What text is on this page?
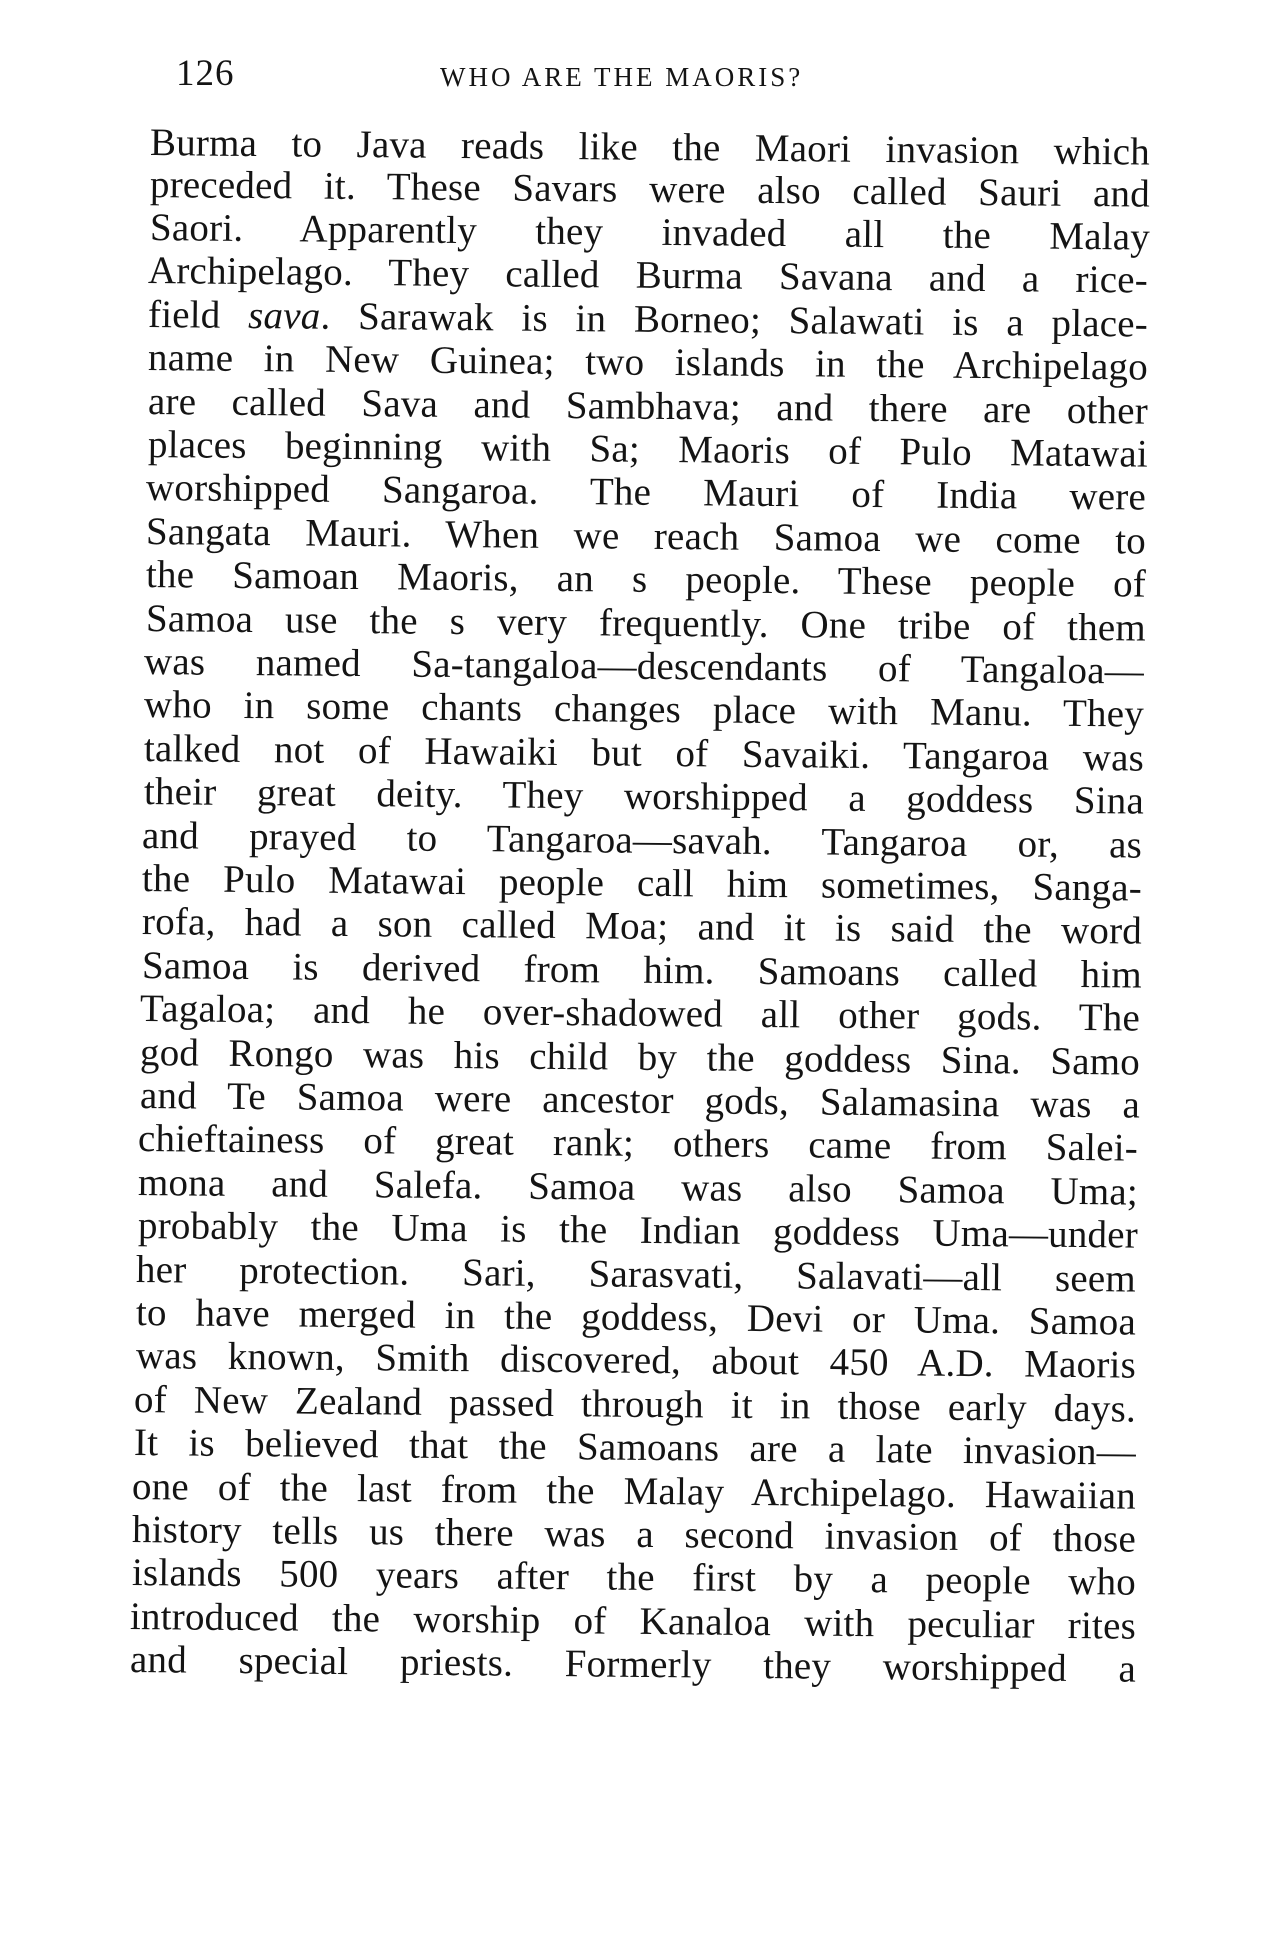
126	WHO ARE THE MAORIS?
Burma to Java reads like the Maori invasion which
preceded it. These Savars were also called Sauri and
Saori. Apparently they invaded all the Malay
Archipelago. They called Burma Savana and a rice-
field sava. Sarawak is in Borneo; Salawati is a place-
name in New Guinea; two islands in the Archipelago
are called Sava and Sambhava; and there are other
places beginning with Sa; Maoris of Pulo Matawai
worshipped Sangaroa. The Mauri of India were
Sangata Mauri. When we reach Samoa we come to
the Samoan Maoris, an s people. These people of
Samoa use the s very frequently. One tribe of them
was named Sa-tangaloa—descendants of Tangaloa—
who in some chants changes place with Manu. They
talked not of Hawaiki but of Savaiki. Tangaroa was
their great deity. They worshipped a goddess Sina
and prayed to Tangaroa—savah. Tangaroa or, as
the Pulo Matawai people call him sometimes, Sanga-
rofa, had a son called Moa; and it is said the word
Samoa is derived from him. Samoans called him
Tagaloa; and he over-shadowed all other gods. The
god Rongo was his child by the goddess Sina. Samo
and Te Samoa were ancestor gods, Salamasina was a
chieftainess of great rank; others came from Salei-
mona and Salefa. Samoa was also Samoa Uma;
probably the Uma is the Indian goddess Uma—under
her protection. Sari, Sarasvati, Salavati—all seem
to have merged in the goddess, Devi or Uma. Samoa
was known, Smith discovered, about 450 A.D. Maoris
of New Zealand passed through it in those early days.
It is believed that the Samoans are a late invasion—
one of the last from the Malay Archipelago. Hawaiian
history tells us there was a second invasion of those
islands 500 years after the first by a people who
introduced the worship of Kanaloa with peculiar rites
and special priests. Formerly they worshipped a
